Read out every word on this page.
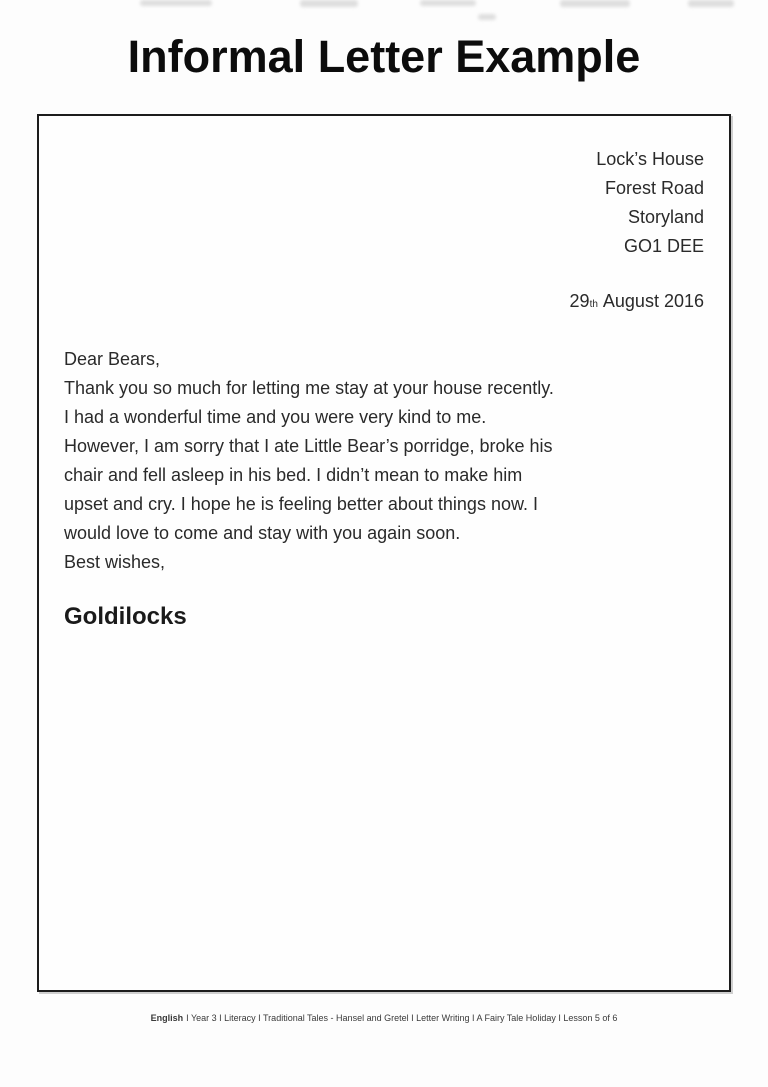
Informal Letter Example
Lock’s House
Forest Road
Storyland
GO1 DEE
29th August 2016
Dear Bears,
Thank you so much for letting me stay at your house recently.
I had a wonderful time and you were very kind to me.
However, I am sorry that I ate Little Bear’s porridge, broke his
chair and fell asleep in his bed. I didn’t mean to make him
upset and cry. I hope he is feeling better about things now. I
would love to come and stay with you again soon.
Best wishes,
Goldilocks
English I Year 3 I Literacy I Traditional Tales - Hansel and Gretel I Letter Writing I A Fairy Tale Holiday I Lesson 5 of 6
